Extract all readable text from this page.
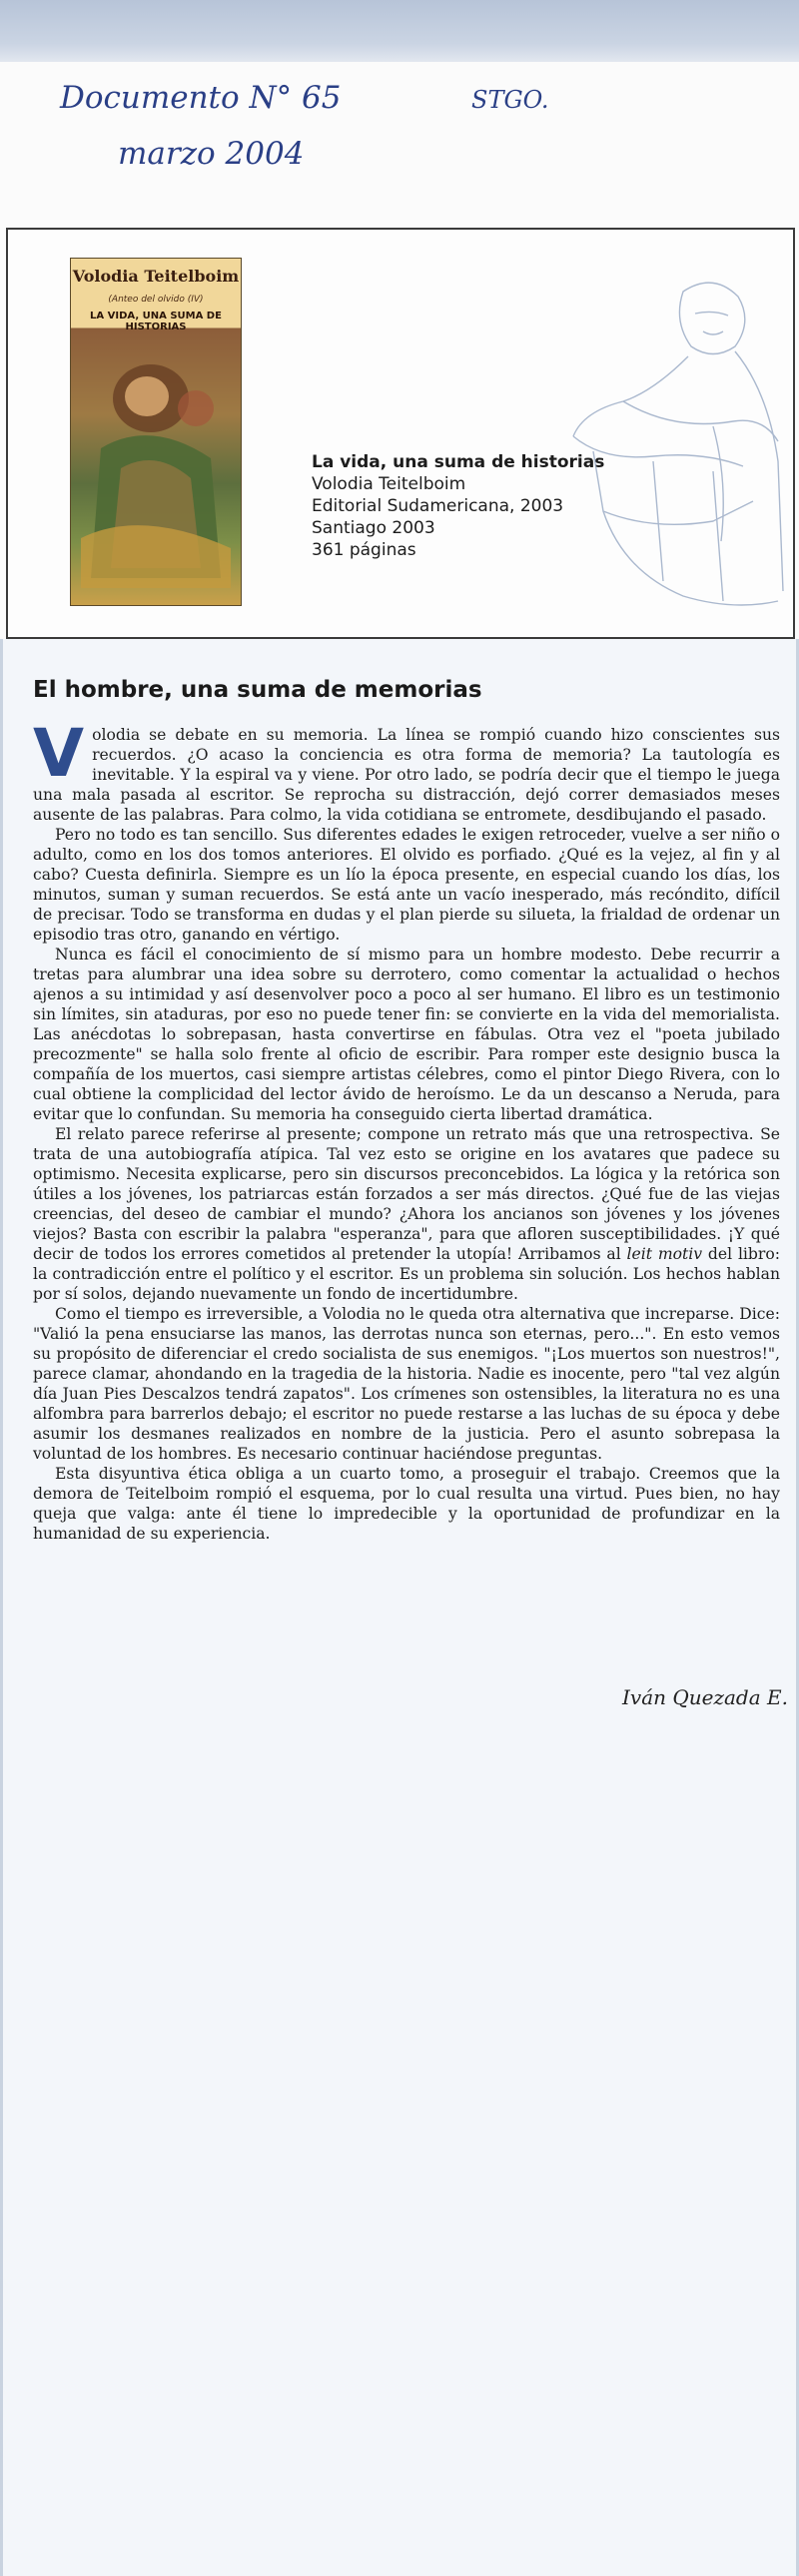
Documento N° 65	STGO.
marzo 2004
Volodia Teitelboim
(Anteo del olvido (IV)
LA VIDA, UNA SUMA DE HISTORIAS
La vida, una suma de historias
Volodia Teitelboim
Editorial Sudamericana, 2003
Santiago 2003
361 páginas
El hombre, una suma de memorias

Volodia se debate en su memoria. La línea se rompió cuando hizo conscientes sus recuerdos. ¿O acaso la conciencia es otra forma de memoria? La tautología es inevitable. Y la espiral va y viene. Por otro lado, se podría decir que el tiempo le juega una mala pasada al escritor. Se reprocha su distracción, dejó correr demasiados meses ausente de las palabras. Para colmo, la vida cotidiana se entromete, desdibujando el pasado.

Pero no todo es tan sencillo. Sus diferentes edades le exigen retroceder, vuelve a ser niño o adulto, como en los dos tomos anteriores. El olvido es porfiado. ¿Qué es la vejez, al fin y al cabo? Cuesta definirla. Siempre es un lío la época presente, en especial cuando los días, los minutos, suman y suman recuerdos. Se está ante un vacío inesperado, más recóndito, difícil de precisar. Todo se transforma en dudas y el plan pierde su silueta, la frialdad de ordenar un episodio tras otro, ganando en vértigo.

Nunca es fácil el conocimiento de sí mismo para un hombre modesto. Debe recurrir a tretas para alumbrar una idea sobre su derrotero, como comentar la actualidad o hechos ajenos a su intimidad y así desenvolver poco a poco al ser humano. El libro es un testimonio sin límites, sin ataduras, por eso no puede tener fin: se convierte en la vida del memorialista. Las anécdotas lo sobrepasan, hasta convertirse en fábulas. Otra vez el "poeta jubilado precozmente" se halla solo frente al oficio de escribir. Para romper este designio busca la compañía de los muertos, casi siempre artistas célebres, como el pintor Diego Rivera, con lo cual obtiene la complicidad del lector ávido de heroísmo. Le da un descanso a Neruda, para evitar que lo confundan. Su memoria ha conseguido cierta libertad dramática.

El relato parece referirse al presente; compone un retrato más que una retrospectiva. Se trata de una autobiografía atípica. Tal vez esto se origine en los avatares que padece su optimismo. Necesita explicarse, pero sin discursos preconcebidos. La lógica y la retórica son útiles a los jóvenes, los patriarcas están forzados a ser más directos. ¿Qué fue de las viejas creencias, del deseo de cambiar el mundo? ¿Ahora los ancianos son jóvenes y los jóvenes viejos? Basta con escribir la palabra "esperanza", para que afloren susceptibilidades. ¡Y qué decir de todos los errores cometidos al pretender la utopía! Arribamos al leit motiv del libro: la contradicción entre el político y el escritor. Es un problema sin solución. Los hechos hablan por sí solos, dejando nuevamente un fondo de incertidumbre.

Como el tiempo es irreversible, a Volodia no le queda otra alternativa que increparse. Dice: "Valió la pena ensuciarse las manos, las derrotas nunca son eternas, pero...". En esto vemos su propósito de diferenciar el credo socialista de sus enemigos. "¡Los muertos son nuestros!", parece clamar, ahondando en la tragedia de la historia. Nadie es inocente, pero "tal vez algún día Juan Pies Descalzos tendrá zapatos". Los crímenes son ostensibles, la literatura no es una alfombra para barrerlos debajo; el escritor no puede restarse a las luchas de su época y debe asumir los desmanes realizados en nombre de la justicia. Pero el asunto sobrepasa la voluntad de los hombres. Es necesario continuar haciéndose preguntas.

Esta disyuntiva ética obliga a un cuarto tomo, a proseguir el trabajo. Creemos que la demora de Teitelboim rompió el esquema, por lo cual resulta una virtud. Pues bien, no hay queja que valga: ante él tiene lo impredecible y la oportunidad de profundizar en la humanidad de su experiencia.

Iván Quezada E.
